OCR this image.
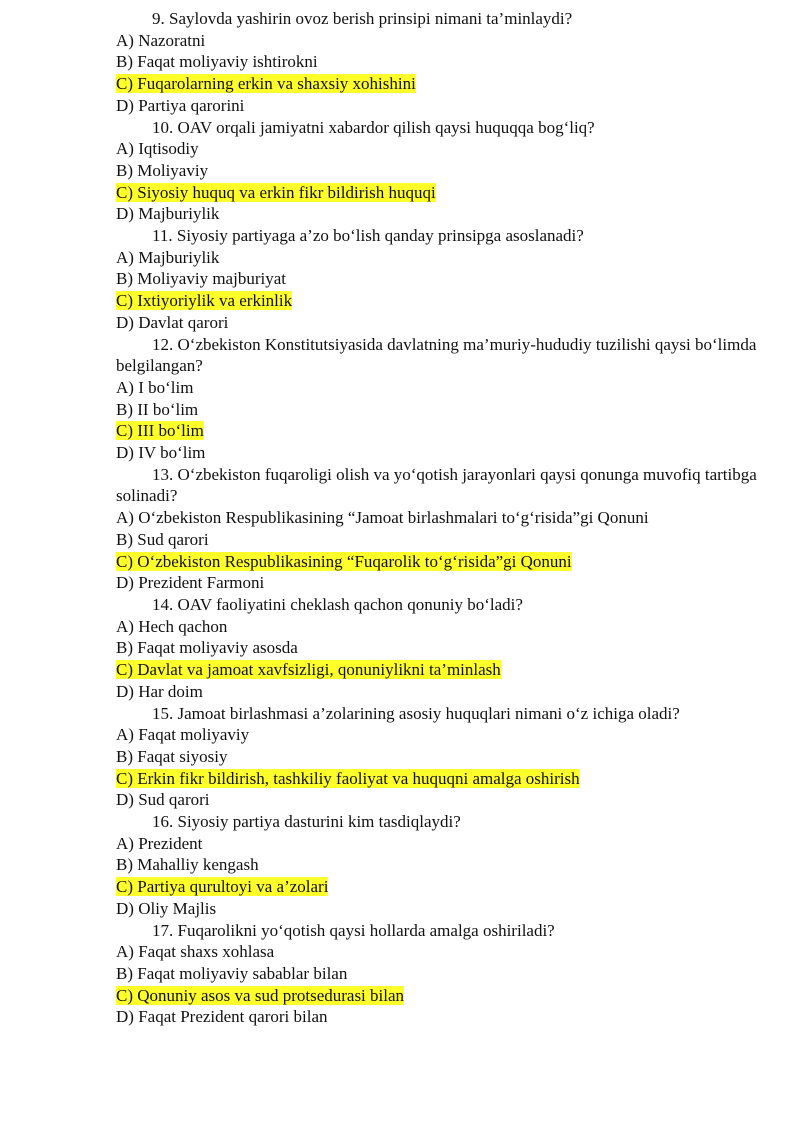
9. Saylovda yashirin ovoz berish prinsipi nimani ta’minlaydi?

A) Nazoratni
B) Faqat moliyaviy ishtirokni
C) Fuqarolarning erkin va shaxsiy xohishini
D) Partiya qarorini

10. OAV orqali jamiyatni xabardor qilish qaysi huquqqa bog‘liq?

A) Iqtisodiy
B) Moliyaviy
C) Siyosiy huquq va erkin fikr bildirish huquqi
D) Majburiylik

11. Siyosiy partiyaga a’zo bo‘lish qanday prinsipga asoslanadi?

A) Majburiylik
B) Moliyaviy majburiyat
C) Ixtiyoriylik va erkinlik
D) Davlat qarori

12. O‘zbekiston Konstitutsiyasida davlatning ma’muriy-hududiy tuzilishi qaysi bo‘limda belgilangan?

A) I bo‘lim
B) II bo‘lim
C) III bo‘lim
D) IV bo‘lim

13. O‘zbekiston fuqaroligi olish va yo‘qotish jarayonlari qaysi qonunga muvofiq tartibga solinadi?

A) O‘zbekiston Respublikasining “Jamoat birlashmalari to‘g‘risida”gi Qonuni
B) Sud qarori
C) O‘zbekiston Respublikasining “Fuqarolik to‘g‘risida”gi Qonuni
D) Prezident Farmoni

14. OAV faoliyatini cheklash qachon qonuniy bo‘ladi?

A) Hech qachon
B) Faqat moliyaviy asosda
C) Davlat va jamoat xavfsizligi, qonuniylikni ta’minlash
D) Har doim

15. Jamoat birlashmasi a’zolarining asosiy huquqlari nimani o‘z ichiga oladi?

A) Faqat moliyaviy
B) Faqat siyosiy
C) Erkin fikr bildirish, tashkiliy faoliyat va huquqni amalga oshirish
D) Sud qarori

16. Siyosiy partiya dasturini kim tasdiqlaydi?

A) Prezident
B) Mahalliy kengash
C) Partiya qurultoyi va a’zolari
D) Oliy Majlis

17. Fuqarolikni yo‘qotish qaysi hollarda amalga oshiriladi?

A) Faqat shaxs xohlasa
B) Faqat moliyaviy sabablar bilan
C) Qonuniy asos va sud protsedurasi bilan
D) Faqat Prezident qarori bilan
